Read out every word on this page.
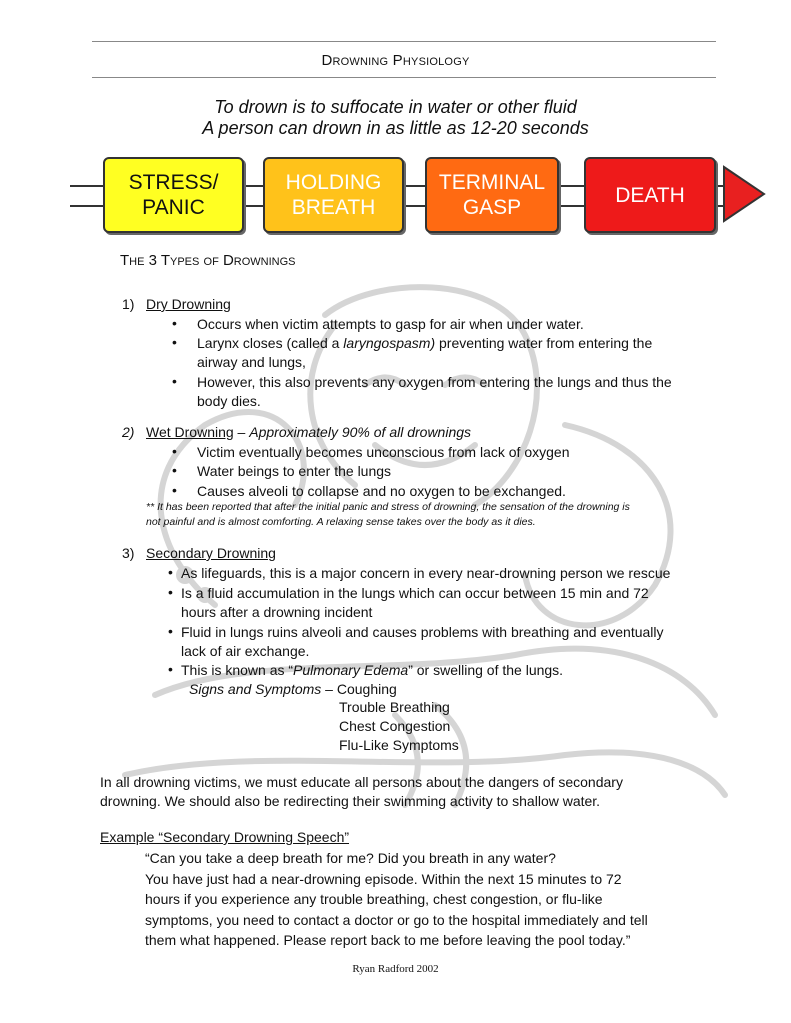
Drowning Physiology
To drown is to suffocate in water or other fluid
A person can drown in as little as 12-20 seconds
STRESS/
PANIC
HOLDING
BREATH
TERMINAL
GASP
DEATH
The 3 Types of Drownings
1) Dry Drowning
• Occurs when victim attempts to gasp for air when under water.
• Larynx closes (called a laryngospasm) preventing water from entering the
airway and lungs,
• However, this also prevents any oxygen from entering the lungs and thus the
body dies.
2) Wet Drowning – Approximately 90% of all drownings
• Victim eventually becomes unconscious from lack of oxygen
• Water beings to enter the lungs
• Causes alveoli to collapse and no oxygen to be exchanged.
** It has been reported that after the initial panic and stress of drowning, the sensation of the drowning is
not painful and is almost comforting. A relaxing sense takes over the body as it dies.
3) Secondary Drowning
• As lifeguards, this is a major concern in every near-drowning person we rescue
• Is a fluid accumulation in the lungs which can occur between 15 min and 72
hours after a drowning incident
• Fluid in lungs ruins alveoli and causes problems with breathing and eventually
lack of air exchange.
• This is known as “Pulmonary Edema” or swelling of the lungs.
Signs and Symptoms – Coughing
Trouble Breathing
Chest Congestion
Flu-Like Symptoms
In all drowning victims, we must educate all persons about the dangers of secondary
drowning. We should also be redirecting their swimming activity to shallow water.
Example “Secondary Drowning Speech”
“Can you take a deep breath for me? Did you breath in any water?
You have just had a near-drowning episode. Within the next 15 minutes to 72
hours if you experience any trouble breathing, chest congestion, or flu-like
symptoms, you need to contact a doctor or go to the hospital immediately and tell
them what happened. Please report back to me before leaving the pool today.”
Ryan Radford 2002
